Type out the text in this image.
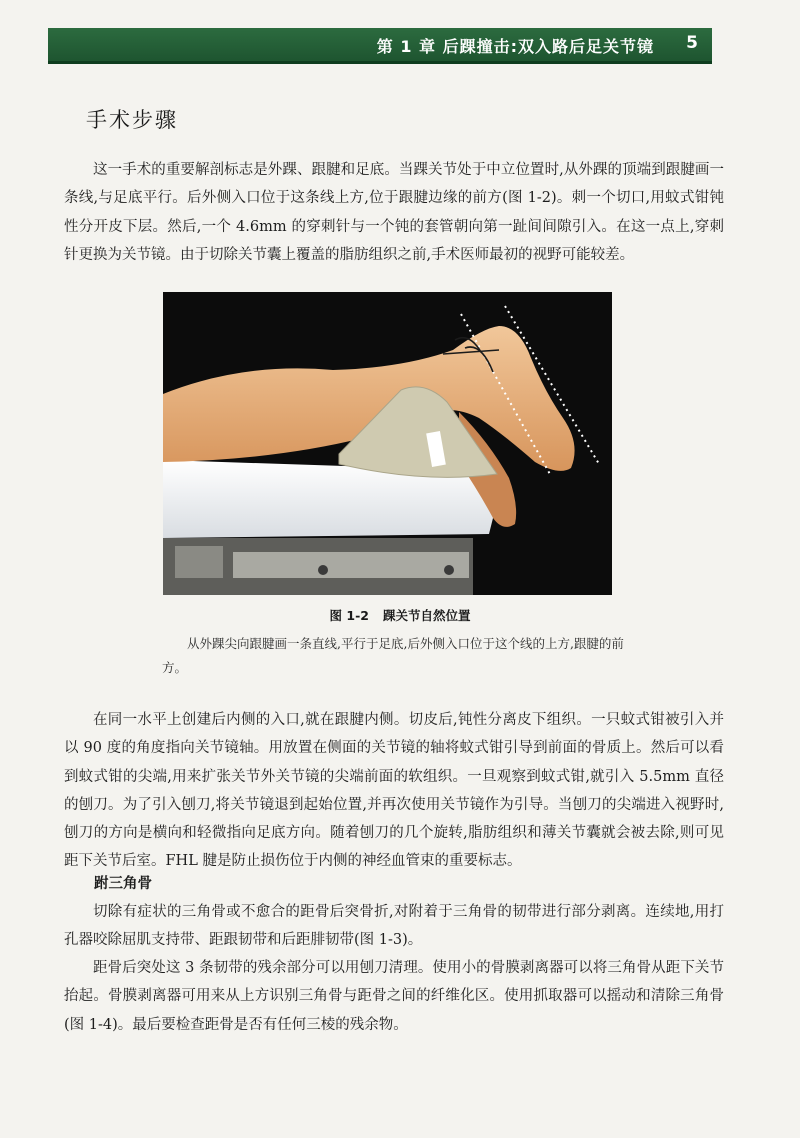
第 1 章 后踝撞击:双入路后足关节镜 5
手术步骤

这一手术的重要解剖标志是外踝、跟腱和足底。当踝关节处于中立位置时,从外踝的顶端到跟腱画一条线,与足底平行。后外侧入口位于这条线上方,位于跟腱边缘的前方(图 1-2)。刺一个切口,用蚊式钳钝性分开皮下层。然后,一个 4.6mm 的穿刺针与一个钝的套管朝向第一趾间间隙引入。在这一点上,穿刺针更换为关节镜。由于切除关节囊上覆盖的脂肪组织之前,手术医师最初的视野可能较差。

图 1-2 踝关节自然位置

从外踝尖向跟腱画一条直线,平行于足底,后外侧入口位于这个线的上方,跟腱的前方。

在同一水平上创建后内侧的入口,就在跟腱内侧。切皮后,钝性分离皮下组织。一只蚊式钳被引入并以 90 度的角度指向关节镜轴。用放置在侧面的关节镜的轴将蚊式钳引导到前面的骨质上。然后可以看到蚊式钳的尖端,用来扩张关节外关节镜的尖端前面的软组织。一旦观察到蚊式钳,就引入 5.5mm 直径的刨刀。为了引入刨刀,将关节镜退到起始位置,并再次使用关节镜作为引导。当刨刀的尖端进入视野时,刨刀的方向是横向和轻微指向足底方向。随着刨刀的几个旋转,脂肪组织和薄关节囊就会被去除,则可见距下关节后室。FHL 腱是防止损伤位于内侧的神经血管束的重要标志。

跗三角骨

切除有症状的三角骨或不愈合的距骨后突骨折,对附着于三角骨的韧带进行部分剥离。连续地,用打孔器咬除屈肌支持带、距跟韧带和后距腓韧带(图 1-3)。

距骨后突处这 3 条韧带的残余部分可以用刨刀清理。使用小的骨膜剥离器可以将三角骨从距下关节抬起。骨膜剥离器可用来从上方识别三角骨与距骨之间的纤维化区。使用抓取器可以摇动和清除三角骨(图 1-4)。最后要检查距骨是否有任何三棱的残余物。
